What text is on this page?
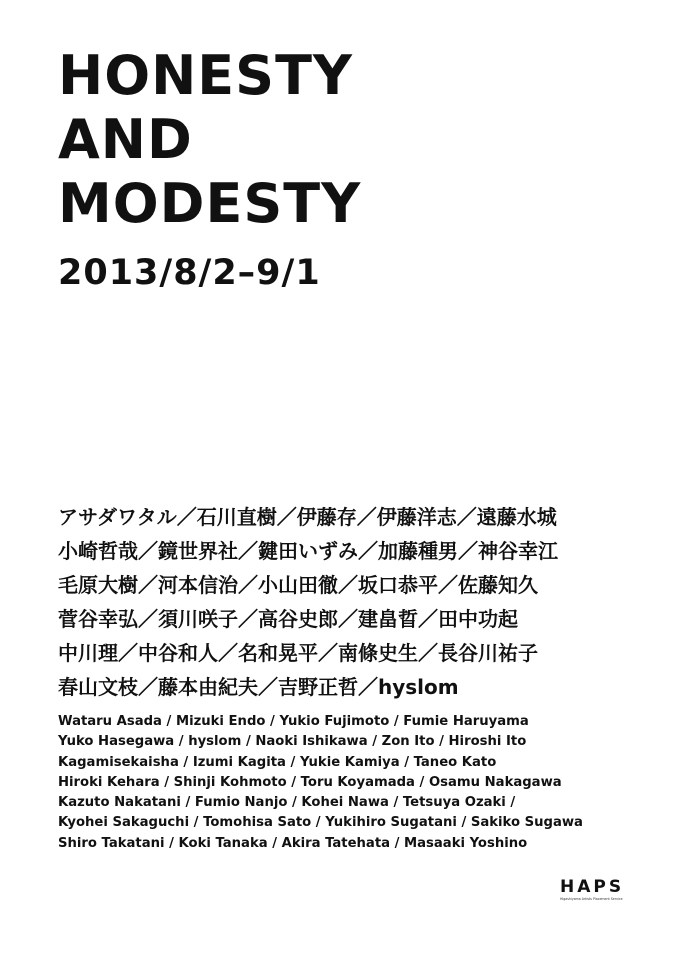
HONESTY
AND
MODESTY
2013/8/2–9/1
アサダワタル／石川直樹／伊藤存／伊藤洋志／遠藤水城
小崎哲哉／鏡世界社／鍵田いずみ／加藤種男／神谷幸江
毛原大樹／河本信治／小山田徹／坂口恭平／佐藤知久
菅谷幸弘／須川咲子／高谷史郎／建畠晢／田中功起
中川理／中谷和人／名和晃平／南條史生／長谷川祐子
春山文枝／藤本由紀夫／吉野正哲／hyslom
Wataru Asada / Mizuki Endo / Yukio Fujimoto / Fumie Haruyama
Yuko Hasegawa / hyslom / Naoki Ishikawa / Zon Ito / Hiroshi Ito
Kagamisekaisha / Izumi Kagita / Yukie Kamiya / Taneo Kato
Hiroki Kehara / Shinji Kohmoto / Toru Koyamada / Osamu Nakagawa
Kazuto Nakatani / Fumio Nanjo / Kohei Nawa / Tetsuya Ozaki /
Kyohei Sakaguchi / Tomohisa Sato / Yukihiro Sugatani / Sakiko Sugawa
Shiro Takatani / Koki Tanaka / Akira Tatehata / Masaaki Yoshino
HAPS
Higashiyama Artists Placement Service
